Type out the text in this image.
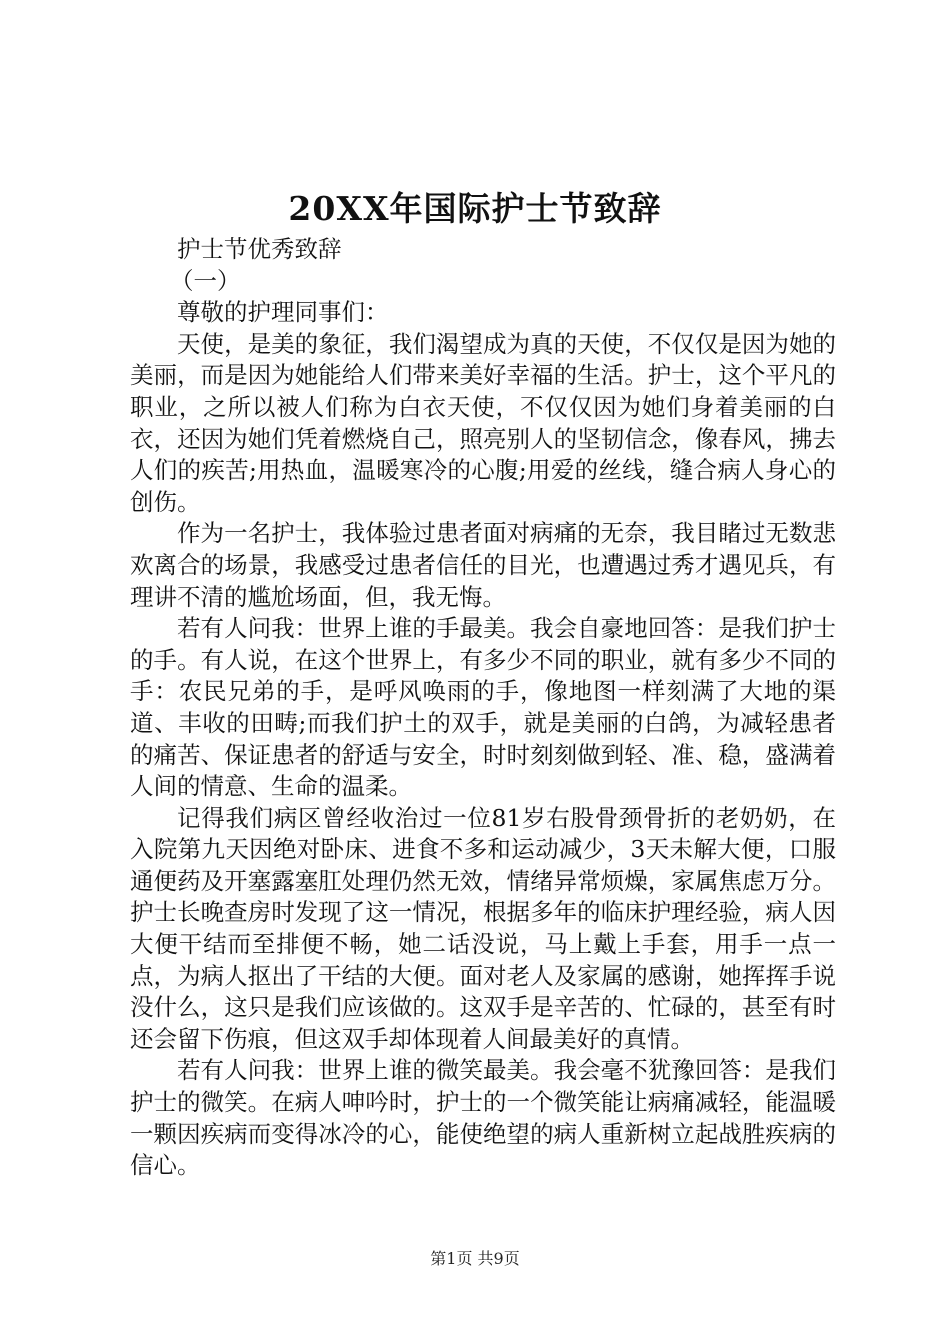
20XX年国际护士节致辞

护士节优秀致辞

（一）

尊敬的护理同事们：

天使，是美的象征，我们渴望成为真的天使，不仅仅是因为她的美丽，而是因为她能给人们带来美好幸福的生活。护士，这个平凡的职业，之所以被人们称为白衣天使，不仅仅因为她们身着美丽的白衣，还因为她们凭着燃烧自己，照亮别人的坚韧信念，像春风，拂去人们的疾苦;用热血，温暖寒冷的心腹;用爱的丝线，缝合病人身心的创伤。

作为一名护士，我体验过患者面对病痛的无奈，我目睹过无数悲欢离合的场景，我感受过患者信任的目光，也遭遇过秀才遇见兵，有理讲不清的尴尬场面，但，我无悔。

若有人问我：世界上谁的手最美。我会自豪地回答：是我们护士的手。有人说，在这个世界上，有多少不同的职业，就有多少不同的手：农民兄弟的手，是呼风唤雨的手，像地图一样刻满了大地的渠道、丰收的田畴;而我们护土的双手，就是美丽的白鸽，为减轻患者的痛苦、保证患者的舒适与安全，时时刻刻做到轻、准、稳，盛满着人间的情意、生命的温柔。

记得我们病区曾经收治过一位81岁右股骨颈骨折的老奶奶，在入院第九天因绝对卧床、进食不多和运动减少，3天未解大便，口服通便药及开塞露塞肛处理仍然无效，情绪异常烦燥，家属焦虑万分。护士长晚查房时发现了这一情况，根据多年的临床护理经验，病人因大便干结而至排便不畅，她二话没说，马上戴上手套，用手一点一点，为病人抠出了干结的大便。面对老人及家属的感谢，她挥挥手说没什么，这只是我们应该做的。这双手是辛苦的、忙碌的，甚至有时还会留下伤痕，但这双手却体现着人间最美好的真情。

若有人问我：世界上谁的微笑最美。我会毫不犹豫回答：是我们护士的微笑。在病人呻吟时，护士的一个微笑能让病痛减轻，能温暖一颗因疾病而变得冰冷的心，能使绝望的病人重新树立起战胜疾病的信心。

第1页 共9页
